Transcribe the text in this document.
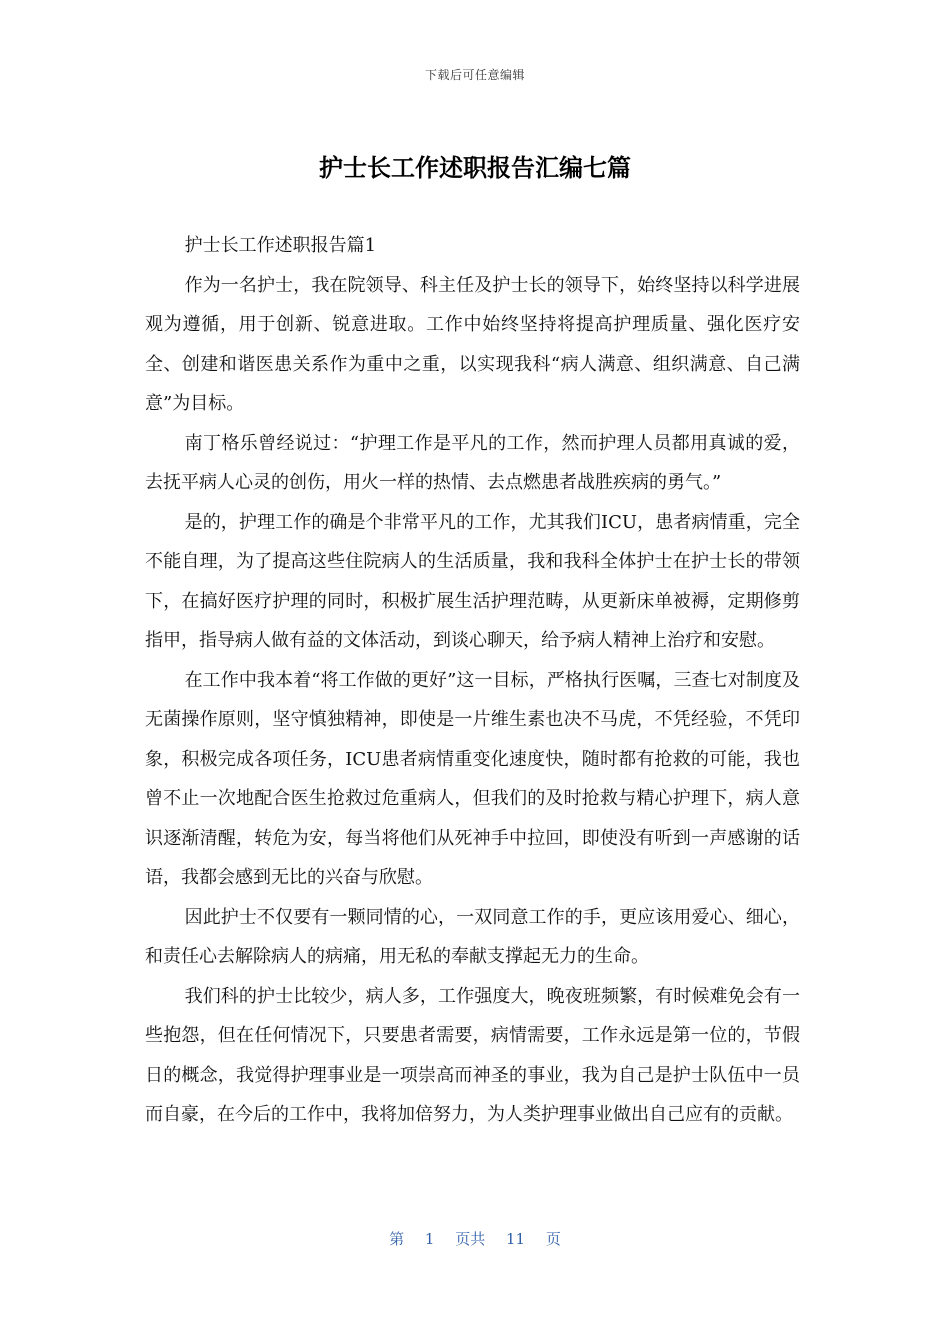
下载后可任意编辑
护士长工作述职报告汇编七篇

护士长工作述职报告篇1

作为一名护士，我在院领导、科主任及护士长的领导下，始终坚持以科学进展观为遵循，用于创新、锐意进取。工作中始终坚持将提高护理质量、强化医疗安全、创建和谐医患关系作为重中之重，以实现我科“病人满意、组织满意、自己满意”为目标。

南丁格乐曾经说过：“护理工作是平凡的工作，然而护理人员都用真诚的爱，去抚平病人心灵的创伤，用火一样的热情、去点燃患者战胜疾病的勇气。”

是的，护理工作的确是个非常平凡的工作，尤其我们ICU，患者病情重，完全不能自理，为了提高这些住院病人的生活质量，我和我科全体护士在护士长的带领下，在搞好医疗护理的同时，积极扩展生活护理范畴，从更新床单被褥，定期修剪指甲，指导病人做有益的文体活动，到谈心聊天，给予病人精神上治疗和安慰。

在工作中我本着“将工作做的更好”这一目标，严格执行医嘱，三查七对制度及无菌操作原则，坚守慎独精神，即使是一片维生素也决不马虎，不凭经验，不凭印象，积极完成各项任务，ICU患者病情重变化速度快，随时都有抢救的可能，我也曾不止一次地配合医生抢救过危重病人，但我们的及时抢救与精心护理下，病人意识逐渐清醒，转危为安，每当将他们从死神手中拉回，即使没有听到一声感谢的话语，我都会感到无比的兴奋与欣慰。

因此护士不仅要有一颗同情的心，一双同意工作的手，更应该用爱心、细心，和责任心去解除病人的病痛，用无私的奉献支撑起无力的生命。

我们科的护士比较少，病人多，工作强度大，晚夜班频繁，有时候难免会有一些抱怨，但在任何情况下，只要患者需要，病情需要，工作永远是第一位的，节假日的概念，我觉得护理事业是一项崇高而神圣的事业，我为自己是护士队伍中一员而自豪，在今后的工作中，我将加倍努力，为人类护理事业做出自己应有的贡献。

第 1 页共 11 页
